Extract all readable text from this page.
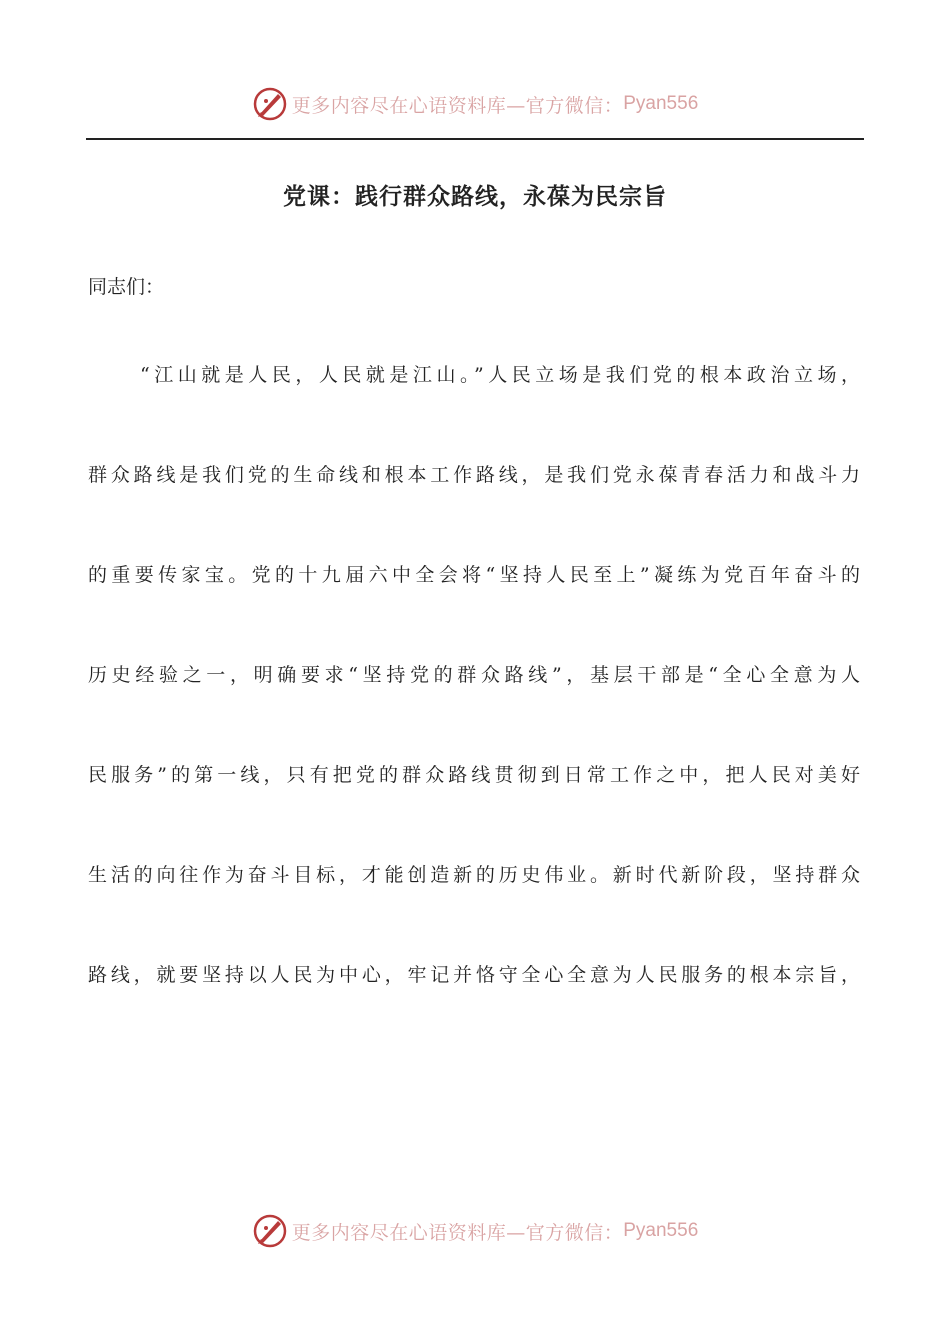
更多内容尽在心语资料库—官方微信： Pyan556
党课：践行群众路线，永葆为民宗旨
同志们：
“江山就是人民，人民就是江山。”人民立场是我们党的根本政治立场，
群众路线是我们党的生命线和根本工作路线，是我们党永葆青春活力和战斗力
的重要传家宝。党的十九届六中全会将“坚持人民至上”凝练为党百年奋斗的
历史经验之一，明确要求“坚持党的群众路线”，基层干部是“全心全意为人
民服务”的第一线，只有把党的群众路线贯彻到日常工作之中，把人民对美好
生活的向往作为奋斗目标，才能创造新的历史伟业。新时代新阶段，坚持群众
路线，就要坚持以人民为中心，牢记并恪守全心全意为人民服务的根本宗旨，
更多内容尽在心语资料库—官方微信： Pyan556
